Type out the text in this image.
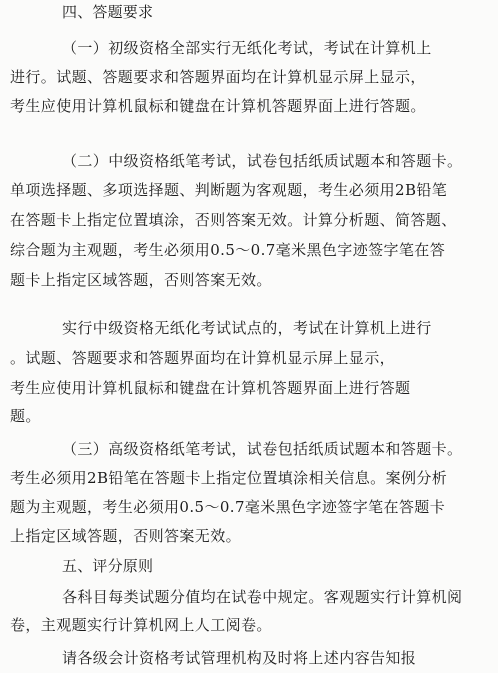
四、答题要求

（一）初级资格全部实行无纸化考试，考试在计算机上

进行。试题、答题要求和答题界面均在计算机显示屏上显示，

考生应使用计算机鼠标和键盘在计算机答题界面上进行答题。

（二）中级资格纸笔考试，试卷包括纸质试题本和答题卡。

单项选择题、多项选择题、判断题为客观题，考生必须用2B铅笔

在答题卡上指定位置填涂，否则答案无效。计算分析题、简答题、

综合题为主观题，考生必须用0.5～0.7毫米黑色字迹签字笔在答

题卡上指定区域答题，否则答案无效。

实行中级资格无纸化考试试点的，考试在计算机上进行

。试题、答题要求和答题界面均在计算机显示屏上显示，

考生应使用计算机鼠标和键盘在计算机答题界面上进行答题

题。

（三）高级资格纸笔考试，试卷包括纸质试题本和答题卡。

考生必须用2B铅笔在答题卡上指定位置填涂相关信息。案例分析

题为主观题，考生必须用0.5～0.7毫米黑色字迹签字笔在答题卡

上指定区域答题，否则答案无效。

五、评分原则

各科目每类试题分值均在试卷中规定。客观题实行计算机阅

卷，主观题实行计算机网上人工阅卷。

请各级会计资格考试管理机构及时将上述内容告知报
